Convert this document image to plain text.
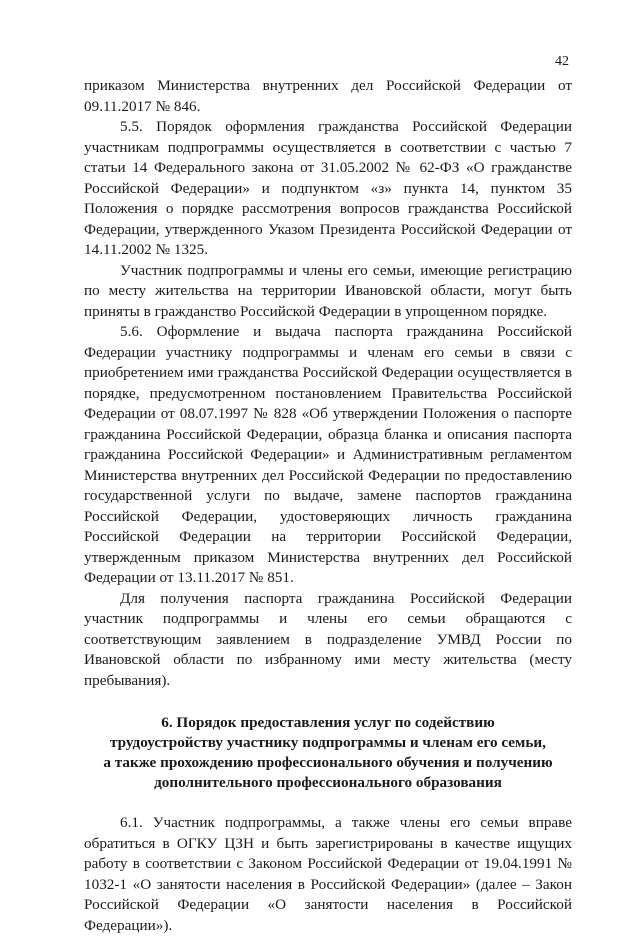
42

приказом Министерства внутренних дел Российской Федерации от 09.11.2017 № 846.

5.5. Порядок оформления гражданства Российской Федерации участникам подпрограммы осуществляется в соответствии с частью 7 статьи 14 Федерального закона от 31.05.2002 № 62-ФЗ «О гражданстве Российской Федерации» и подпунктом «з» пункта 14, пунктом 35 Положения о порядке рассмотрения вопросов гражданства Российской Федерации, утвержденного Указом Президента Российской Федерации от 14.11.2002 № 1325.

Участник подпрограммы и члены его семьи, имеющие регистрацию по месту жительства на территории Ивановской области, могут быть приняты в гражданство Российской Федерации в упрощенном порядке.

5.6. Оформление и выдача паспорта гражданина Российской Федерации участнику подпрограммы и членам его семьи в связи с приобретением ими гражданства Российской Федерации осуществляется в порядке, предусмотренном постановлением Правительства Российской Федерации от 08.07.1997 № 828 «Об утверждении Положения о паспорте гражданина Российской Федерации, образца бланка и описания паспорта гражданина Российской Федерации» и Административным регламентом Министерства внутренних дел Российской Федерации по предоставлению государственной услуги по выдаче, замене паспортов гражданина Российской Федерации, удостоверяющих личность гражданина Российской Федерации на территории Российской Федерации, утвержденным приказом Министерства внутренних дел Российской Федерации от 13.11.2017 № 851.

Для получения паспорта гражданина Российской Федерации участник подпрограммы и члены его семьи обращаются с соответствующим заявлением в подразделение УМВД России по Ивановской области по избранному ими месту жительства (месту пребывания).

6. Порядок предоставления услуг по содействию
трудоустройству участнику подпрограммы и членам его семьи,
а также прохождению профессионального обучения и получению
дополнительного профессионального образования

6.1. Участник подпрограммы, а также члены его семьи вправе обратиться в ОГКУ ЦЗН и быть зарегистрированы в качестве ищущих работу в соответствии с Законом Российской Федерации от 19.04.1991 № 1032-1 «О занятости населения в Российской Федерации» (далее – Закон Российской Федерации «О занятости населения в Российской Федерации»).
